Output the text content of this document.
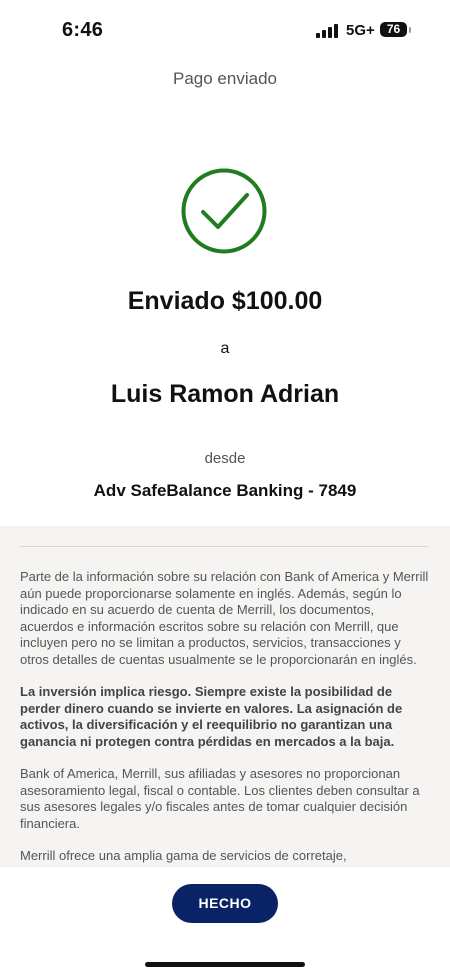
6:46	5G+	76
Pago enviado
Enviado $100.00
a
Luis Ramon Adrian
desde
Adv SafeBalance Banking - 7849

Parte de la información sobre su relación con Bank of America y Merrill aún puede proporcionarse solamente en inglés. Además, según lo indicado en su acuerdo de cuenta de Merrill, los documentos, acuerdos e información escritos sobre su relación con Merrill, que incluyen pero no se limitan a productos, servicios, transacciones y otros detalles de cuentas usualmente se le proporcionarán en inglés.

La inversión implica riesgo. Siempre existe la posibilidad de perder dinero cuando se invierte en valores. La asignación de activos, la diversificación y el reequilibrio no garantizan una ganancia ni protegen contra pérdidas en mercados a la baja.

Bank of America, Merrill, sus afiliadas y asesores no proporcionan asesoramiento legal, fiscal o contable. Los clientes deben consultar a sus asesores legales y/o fiscales antes de tomar cualquier decisión financiera.

Merrill ofrece una amplia gama de servicios de corretaje,

HECHO
